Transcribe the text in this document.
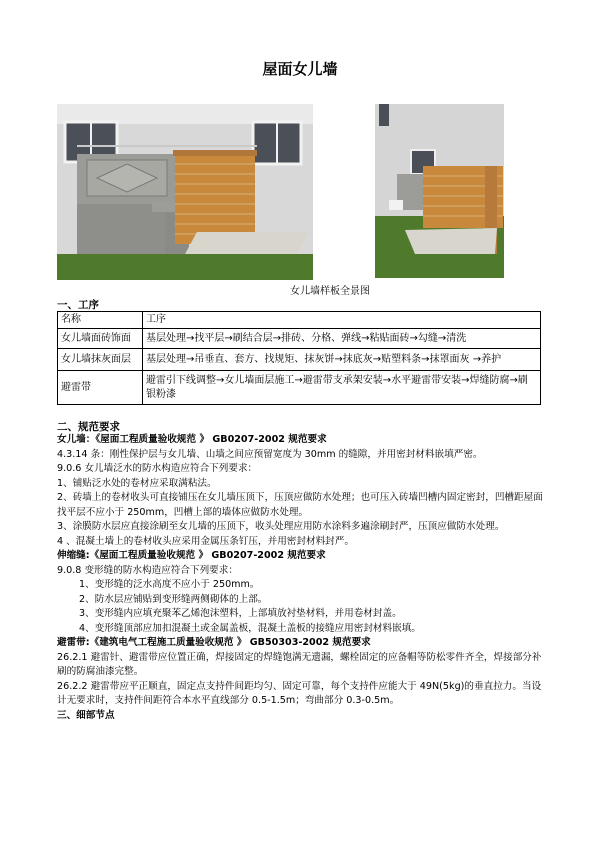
屋面女儿墙
女儿墙样板全景图
一、工序
名称	工序
女儿墙面砖饰面	基层处理→找平层→刷结合层→排砖、分格、弹线→粘贴面砖→勾缝→清洗
女儿墙抹灰面层	基层处理→吊垂直、套方、找规矩、抹灰饼→抹底灰→贴塑料条→抹罩面灰 →养护
避雷带	避雷引下线调整→女儿墙面层施工→避雷带支承架安装→水平避雷带安装→焊缝防腐→刷银粉漆
二、规范要求
女儿墙：《屋面工程质量验收规范 》 GB0207-2002 规范要求
4.3.14 条：刚性保护层与女儿墙、山墙之间应预留宽度为 30mm 的缝隙，并用密封材料嵌填严密。
9.0.6 女儿墙泛水的防水构造应符合下列要求：
1、铺贴泛水处的卷材应采取满粘法。
2、砖墙上的卷材收头可直接铺压在女儿墙压顶下，压顶应做防水处理；也可压入砖墙凹槽内固定密封，凹槽距屋面找平层不应小于 250mm，凹槽上部的墙体应做防水处理。
3、涂膜防水层应直接涂刷至女儿墙的压顶下，收头处理应用防水涂料多遍涂刷封严，压顶应做防水处理。
4 、混凝土墙上的卷材收头应采用金属压条钉压，并用密封材料封严。
伸缩缝:《屋面工程质量验收规范 》 GB0207-2002 规范要求
9.0.8 变形缝的防水构造应符合下列要求：
1、变形缝的泛水高度不应小于 250mm。
2、防水层应铺贴到变形缝两侧砌体的上部。
3、变形缝内应填充聚苯乙烯泡沫塑料，上部填放衬垫材料，并用卷材封盖。
4、变形缝顶部应加扣混凝土或金属盖板，混凝土盖板的接缝应用密封材料嵌填。
避雷带:《建筑电气工程施工质量验收规范 》 GB50303-2002 规范要求
26.2.1 避雷针、避雷带应位置正确，焊接固定的焊缝饱满无遗漏，螺栓固定的应备帽等防松零件齐全，焊接部分补刷的防腐油漆完整。
26.2.2 避雷带应平正顺直，固定点支持件间距均匀、固定可靠，每个支持件应能大于 49N(5kg)的垂直拉力。当设计无要求时，支持件间距符合本水平直线部分 0.5-1.5m；弯曲部分 0.3-0.5m。
三、细部节点
